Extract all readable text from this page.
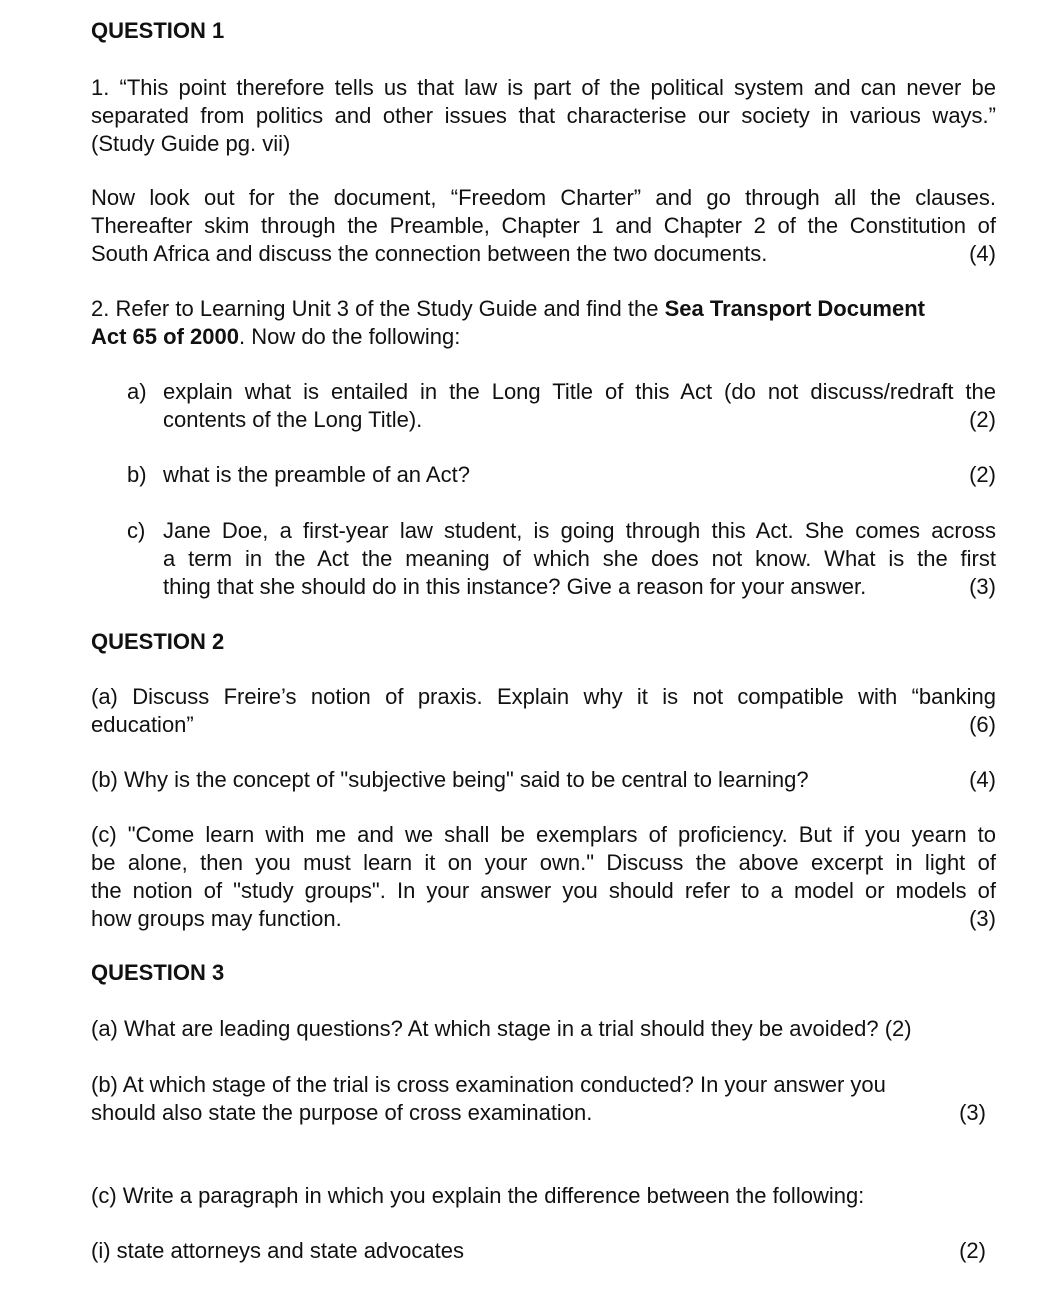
QUESTION 1
1. “This point therefore tells us that law is part of the political system and can never be separated from politics and other issues that characterise our society in various ways.” (Study Guide pg. vii)
Now look out for the document, “Freedom Charter” and go through all the clauses.
Thereafter skim through the Preamble, Chapter 1 and Chapter 2 of the Constitution of
South Africa and discuss the connection between the two documents.	(4)
2. Refer to Learning Unit 3 of the Study Guide and find the Sea Transport Document
Act 65 of 2000. Now do the following:
a) explain what is entailed in the Long Title of this Act (do not discuss/redraft the
contents of the Long Title).	(2)
b) what is the preamble of an Act?	(2)
c) Jane Doe, a first-year law student, is going through this Act. She comes across
a term in the Act the meaning of which she does not know. What is the first
thing that she should do in this instance? Give a reason for your answer.	(3)
QUESTION 2
(a) Discuss Freire’s notion of praxis. Explain why it is not compatible with “banking
education”	(6)
(b) Why is the concept of "subjective being" said to be central to learning?	(4)
(c) "Come learn with me and we shall be exemplars of proficiency. But if you yearn to
be alone, then you must learn it on your own." Discuss the above excerpt in light of
the notion of "study groups". In your answer you should refer to a model or models of
how groups may function.	(3)
QUESTION 3
(a) What are leading questions? At which stage in a trial should they be avoided? (2)
(b) At which stage of the trial is cross examination conducted? In your answer you
should also state the purpose of cross examination.	(3)
(c) Write a paragraph in which you explain the difference between the following:
(i) state attorneys and state advocates	(2)
